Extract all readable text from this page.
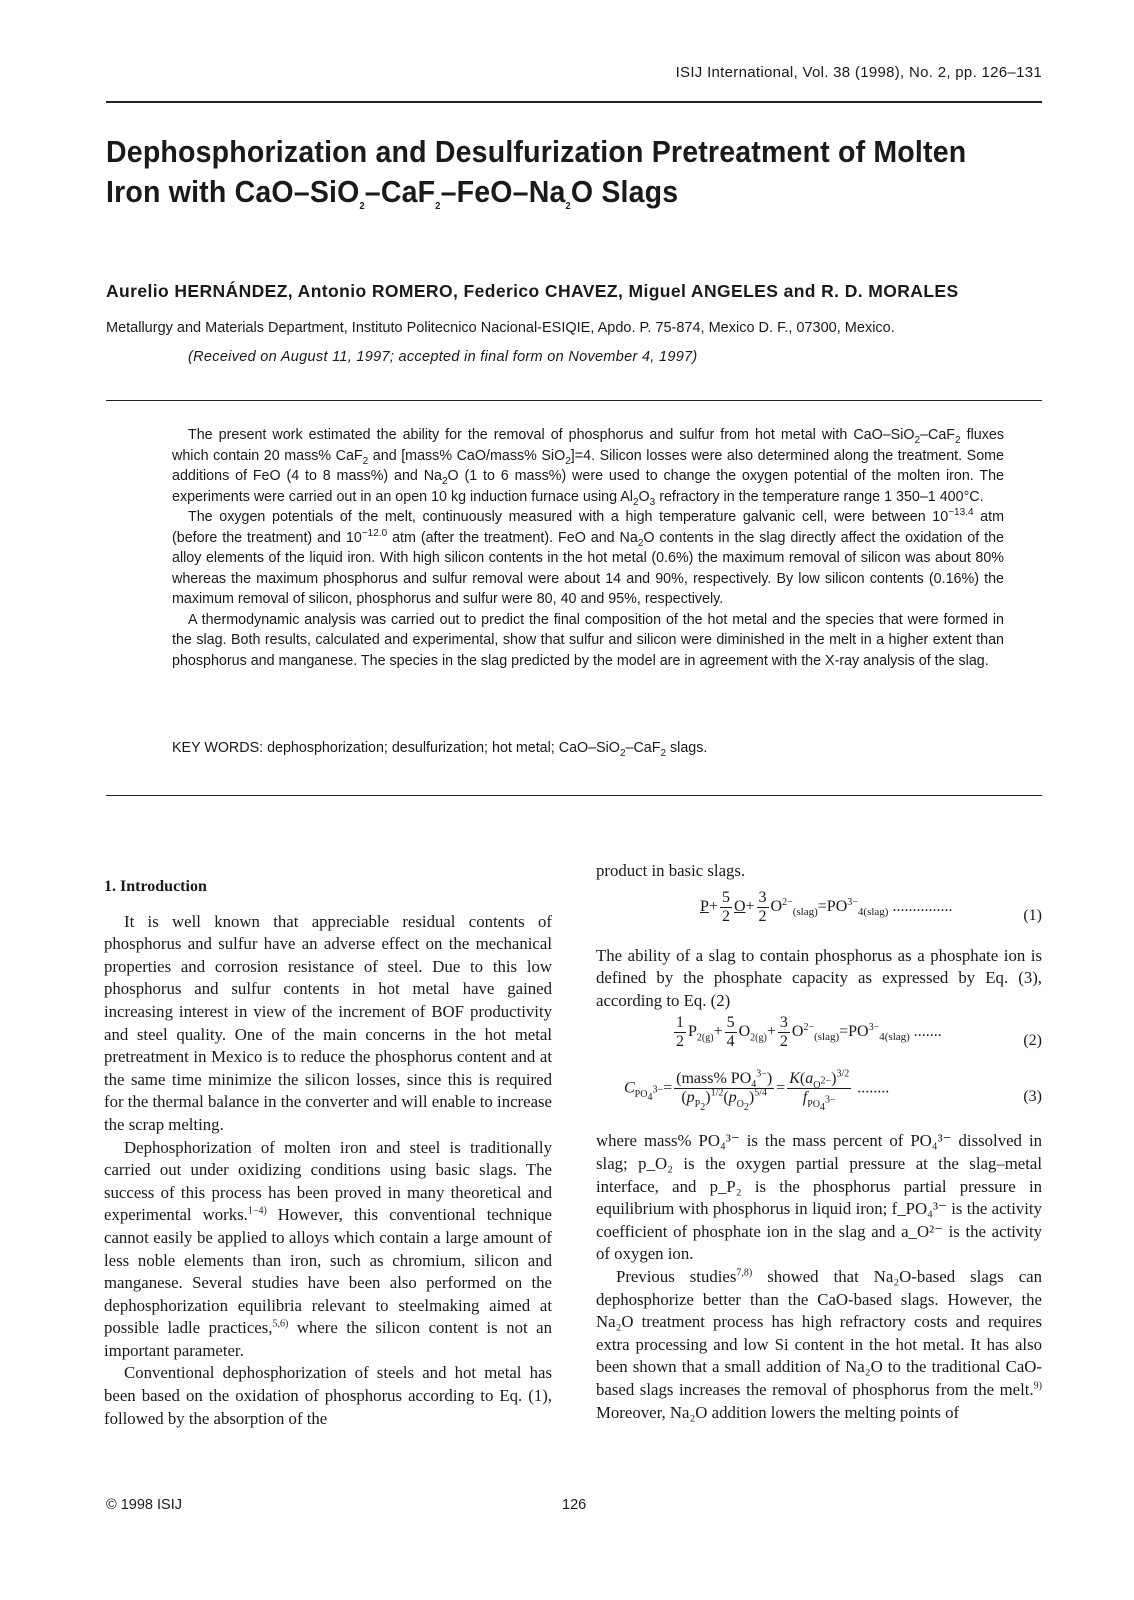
ISIJ International, Vol. 38 (1998), No. 2, pp. 126–131
Dephosphorization and Desulfurization Pretreatment of Molten
Iron with CaO–$SiO_2-CaF_2-FeO-Na_2O$ Slags
Aurelio HERNÁNDEZ, Antonio ROMERO, Federico CHAVEZ, Miguel ANGELES and R. D. MORALES
Metallurgy and Materials Department, Instituto Politecnico Nacional-ESIQIE, Apdo. P. 75-874, Mexico D. F., 07300, Mexico.
(Received on August 11, 1997; accepted in final form on November 4, 1997)

The present work estimated the ability for the removal of phosphorus and sulfur from hot metal with CaO–SiO$_2$–CaF$_2$ fluxes which contain 20 mass% CaF$_2$ and [mass% CaO/mass% SiO$_2$]=4. Silicon losses were also determined along the treatment. Some additions of FeO (4 to 8 mass%) and $Na_2O$ (1 to 6 mass%) were used to change the oxygen potential of the molten iron. The experiments were carried out in an open 10 kg induction furnace using $Al_2O_3$ refractory in the temperature range 1 350–1 400°C.

The oxygen potentials of the melt, continuously measured with a high temperature galvanic cell, were between $10^{-13.4}$ atm (before the treatment) and $10^{-12.0}$ atm (after the treatment). FeO and $Na_2O$ contents in the slag directly affect the oxidation of the alloy elements of the liquid iron. With high silicon contents in the hot metal (0.6%) the maximum removal of silicon was about 80% whereas the maximum phosphorus and sulfur removal were about 14 and 90%, respectively. By low silicon contents (0.16%) the maximum removal of silicon, phosphorus and sulfur were 80, 40 and 95%, respectively.

A thermodynamic analysis was carried out to predict the final composition of the hot metal and the species that were formed in the slag. Both results, calculated and experimental, show that sulfur and silicon were diminished in the melt in a higher extent than phosphorus and manganese. The species in the slag predicted by the model are in agreement with the X-ray analysis of the slag.

KEY WORDS: dephosphorization; desulfurization; hot metal; CaO–SiO$_2$–CaF$_2$ slags.

1. Introduction

It is well known that appreciable residual contents of phosphorus and sulfur have an adverse effect on the mechanical properties and corrosion resistance of steel. Due to this low phosphorus and sulfur contents in hot metal have gained increasing interest in view of the increment of BOF productivity and steel quality. One of the main concerns in the hot metal pretreatment in Mexico is to reduce the phosphorus content and at the same time minimize the silicon losses, since this is required for the thermal balance in the converter and will enable to increase the scrap melting.

Dephosphorization of molten iron and steel is traditionally carried out under oxidizing conditions using basic slags. The success of this process has been proved in many theoretical and experimental works.$^{1-4)}$ However, this conventional technique cannot easily be applied to alloys which contain a large amount of less noble elements than iron, such as chromium, silicon and manganese. Several studies have been also performed on the dephosphorization equilibria relevant to steelmaking aimed at possible ladle practices,$^{5,6)}$ where the silicon content is not an important parameter.

Conventional dephosphorization of steels and hot metal has been based on the oxidation of phosphorus according to Eq. (1), followed by the absorption of the

product in basic slags.

$P+ \frac{5}{2} O+ \frac{3}{2} O^{2-}_{(slag)}=PO^{3-}_{4(slag)}$ ...............
(1)

The ability of a slag to contain phosphorus as a phosphate ion is defined by the phosphate capacity as expressed by Eq. (3), according to Eq. (2)

$\frac{1}{2} P_{2(g)}+ \frac{5}{4} O_{2(g)}+ \frac{3}{2} O^{2-}_{(slag)}=PO^{3-}_{4(slag)}$ .......
(2)
$C_{PO_4^{3-}}= \frac{(mass\% PO_4^{3-})}{(p_{P_2})^{1/2}(p_{O_2})^{5/4}} = \frac{K(a_{O^{2-}})^{3/2}}{f_{PO_4^{3-}}}$ ........
(3)

where mass% PO₄³⁻ is the mass percent of PO₄³⁻ dissolved in slag; p_O₂ is the oxygen partial pressure at the slag–metal interface, and p_P₂ is the phosphorus partial pressure in equilibrium with phosphorus in liquid iron; f_PO₄³⁻ is the activity coefficient of phosphate ion in the slag and a_O²⁻ is the activity of oxygen ion.

Previous studies$^{7,8)}$ showed that Na₂O-based slags can dephosphorize better than the CaO-based slags. However, the Na₂O treatment process has high refractory costs and requires extra processing and low Si content in the hot metal. It has also been shown that a small addition of Na₂O to the traditional CaO-based slags increases the removal of phosphorus from the melt.$^{9)}$ Moreover, Na₂O addition lowers the melting points of

© 1998 ISIJ	126
